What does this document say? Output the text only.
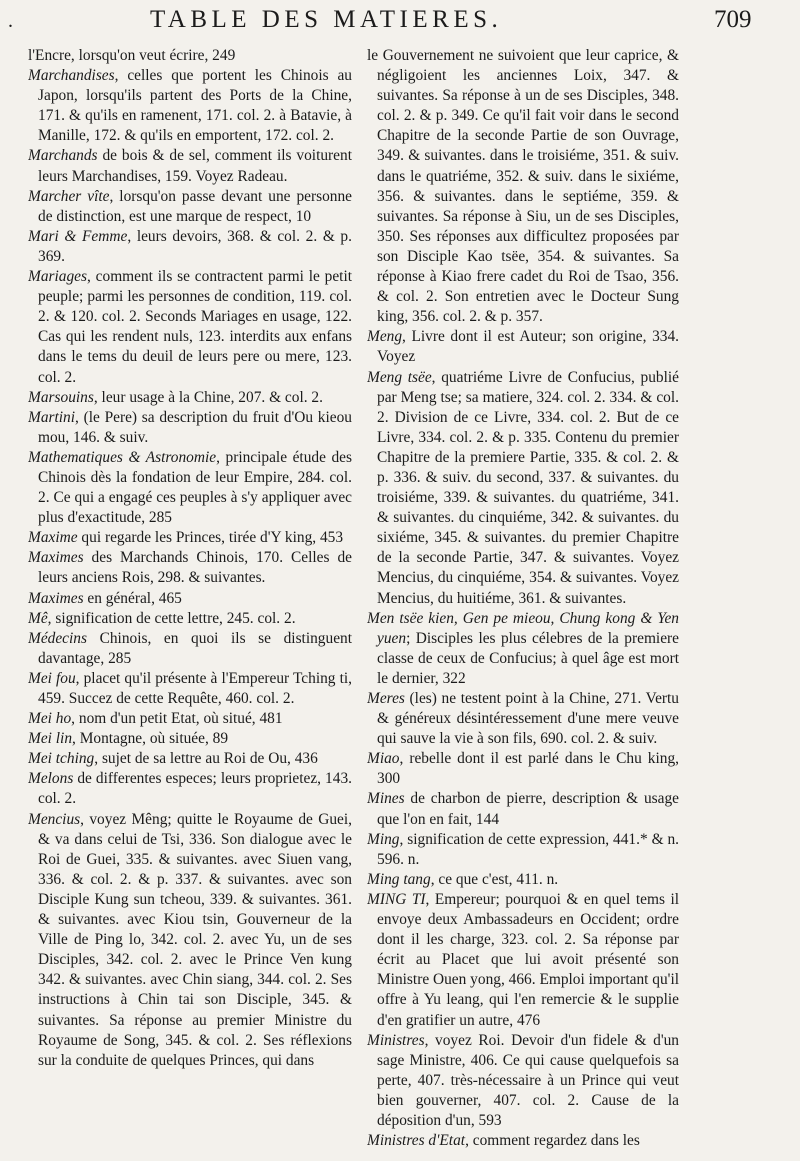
.	TABLE DES MATIERES.	709

l'Encre, lorsqu'on veut écrire, 249

Marchandises, celles que portent les Chinois au Japon, lorsqu'ils partent des Ports de la Chine, 171. & qu'ils en ramenent, 171. col. 2. à Batavie, à Manille, 172. & qu'ils en emportent, 172. col. 2.

Marchands de bois & de sel, comment ils voiturent leurs Marchandises, 159. Voyez Radeau.

Marcher vîte, lorsqu'on passe devant une personne de distinction, est une marque de respect, 10

Mari & Femme, leurs devoirs, 368. & col. 2. & p. 369.

Mariages, comment ils se contractent parmi le petit peuple; parmi les personnes de condition, 119. col. 2. & 120. col. 2. Seconds Mariages en usage, 122. Cas qui les rendent nuls, 123. interdits aux enfans dans le tems du deuil de leurs pere ou mere, 123. col. 2.

Marsouins, leur usage à la Chine, 207. & col. 2.

Martini, (le Pere) sa description du fruit d'Ou kieou mou, 146. & suiv.

Mathematiques & Astronomie, principale étude des Chinois dès la fondation de leur Empire, 284. col. 2. Ce qui a engagé ces peuples à s'y appliquer avec plus d'exactitude, 285

Maxime qui regarde les Princes, tirée d'Y king, 453

Maximes des Marchands Chinois, 170. Celles de leurs anciens Rois, 298. & suivantes.

Maximes en général, 465

Mê, signification de cette lettre, 245. col. 2.

Médecins Chinois, en quoi ils se distinguent davantage, 285

Mei fou, placet qu'il présente à l'Empereur Tching ti, 459. Succez de cette Requête, 460. col. 2.

Mei ho, nom d'un petit Etat, où situé, 481

Mei lin, Montagne, où située, 89

Mei tching, sujet de sa lettre au Roi de Ou, 436

Melons de differentes especes; leurs proprietez, 143. col. 2.

Mencius, voyez Mêng; quitte le Royaume de Guei, & va dans celui de Tsi, 336. Son dialogue avec le Roi de Guei, 335. & suivantes. avec Siuen vang, 336. & col. 2. & p. 337. & suivantes. avec son Disciple Kung sun tcheou, 339. & suivantes. 361. & suivantes. avec Kiou tsin, Gouverneur de la Ville de Ping lo, 342. col. 2. avec Yu, un de ses Disciples, 342. col. 2. avec le Prince Ven kung 342. & suivantes. avec Chin siang, 344. col. 2. Ses instructions à Chin tai son Disciple, 345. & suivantes. Sa réponse au premier Ministre du Royaume de Song, 345. & col. 2. Ses réflexions sur la conduite de quelques Princes, qui dans

le Gouvernement ne suivoient que leur caprice, & négligoient les anciennes Loix, 347. & suivantes. Sa réponse à un de ses Disciples, 348. col. 2. & p. 349. Ce qu'il fait voir dans le second Chapitre de la seconde Partie de son Ouvrage, 349. & suivantes. dans le troisiéme, 351. & suiv. dans le quatriéme, 352. & suiv. dans le sixiéme, 356. & suivantes. dans le septiéme, 359. & suivantes. Sa réponse à Siu, un de ses Disciples, 350. Ses réponses aux difficultez proposées par son Disciple Kao tsëe, 354. & suivantes. Sa réponse à Kiao frere cadet du Roi de Tsao, 356. & col. 2. Son entretien avec le Docteur Sung king, 356. col. 2. & p. 357.

Meng, Livre dont il est Auteur; son origine, 334. Voyez

Meng tsëe, quatriéme Livre de Confucius, publié par Meng tse; sa matiere, 324. col. 2. 334. & col. 2. Division de ce Livre, 334. col. 2. But de ce Livre, 334. col. 2. & p. 335. Contenu du premier Chapitre de la premiere Partie, 335. & col. 2. & p. 336. & suiv. du second, 337. & suivantes. du troisiéme, 339. & suivantes. du quatriéme, 341. & suivantes. du cinquiéme, 342. & suivantes. du sixiéme, 345. & suivantes. du premier Chapitre de la seconde Partie, 347. & suivantes. Voyez Mencius, du cinquiéme, 354. & suivantes. Voyez Mencius, du huitiéme, 361. & suivantes.

Men tsëe kien, Gen pe mieou, Chung kong & Yen yuen; Disciples les plus célebres de la premiere classe de ceux de Confucius; à quel âge est mort le dernier, 322

Meres (les) ne testent point à la Chine, 271. Vertu & généreux désintéressement d'une mere veuve qui sauve la vie à son fils, 690. col. 2. & suiv.

Miao, rebelle dont il est parlé dans le Chu king, 300

Mines de charbon de pierre, description & usage que l'on en fait, 144

Ming, signification de cette expression, 441.* & n. 596. n.

Ming tang, ce que c'est, 411. n.

MING TI, Empereur; pourquoi & en quel tems il envoye deux Ambassadeurs en Occident; ordre dont il les charge, 323. col. 2. Sa réponse par écrit au Placet que lui avoit présenté son Ministre Ouen yong, 466. Emploi important qu'il offre à Yu leang, qui l'en remercie & le supplie d'en gratifier un autre, 476

Ministres, voyez Roi. Devoir d'un fidele & d'un sage Ministre, 406. Ce qui cause quelquefois sa perte, 407. très-nécessaire à un Prince qui veut bien gouverner, 407. col. 2. Cause de la déposition d'un, 593

Ministres d'Etat, comment regardez dans les
